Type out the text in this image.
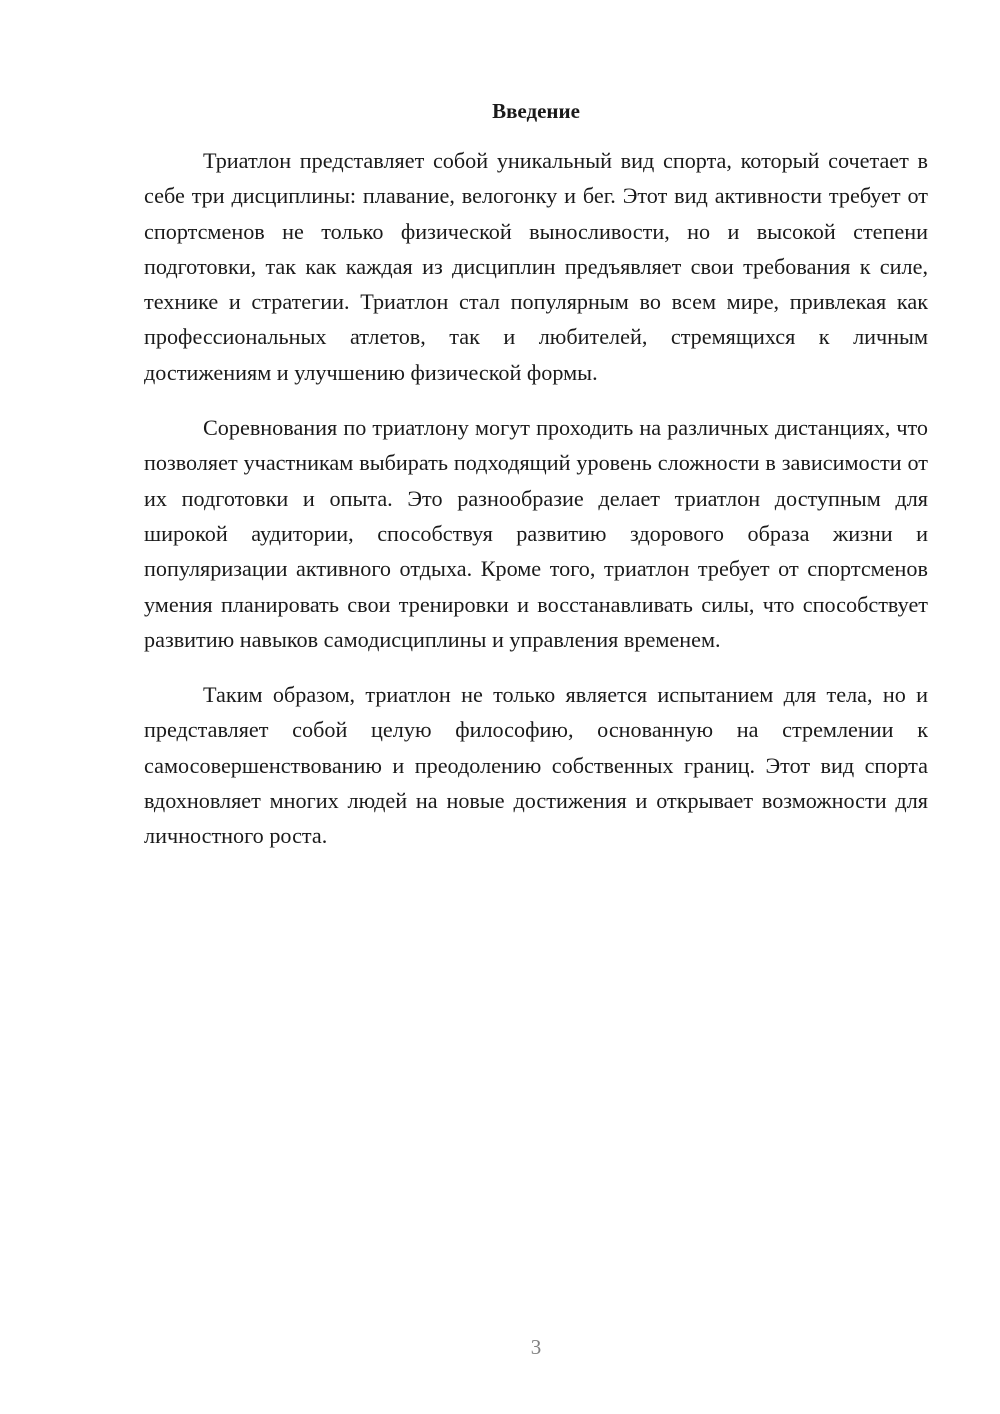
Введение

Триатлон представляет собой уникальный вид спорта, который сочетает в себе три дисциплины: плавание, велогонку и бег. Этот вид активности требует от спортсменов не только физической выносливости, но и высокой степени подготовки, так как каждая из дисциплин предъявляет свои требования к силе, технике и стратегии. Триатлон стал популярным во всем мире, привлекая как профессиональных атлетов, так и любителей, стремящихся к личным достижениям и улучшению физической формы.

Соревнования по триатлону могут проходить на различных дистанциях, что позволяет участникам выбирать подходящий уровень сложности в зависимости от их подготовки и опыта. Это разнообразие делает триатлон доступным для широкой аудитории, способствуя развитию здорового образа жизни и популяризации активного отдыха. Кроме того, триатлон требует от спортсменов умения планировать свои тренировки и восстанавливать силы, что способствует развитию навыков самодисциплины и управления временем.

Таким образом, триатлон не только является испытанием для тела, но и представляет собой целую философию, основанную на стремлении к самосовершенствованию и преодолению собственных границ. Этот вид спорта вдохновляет многих людей на новые достижения и открывает возможности для личностного роста.

3
